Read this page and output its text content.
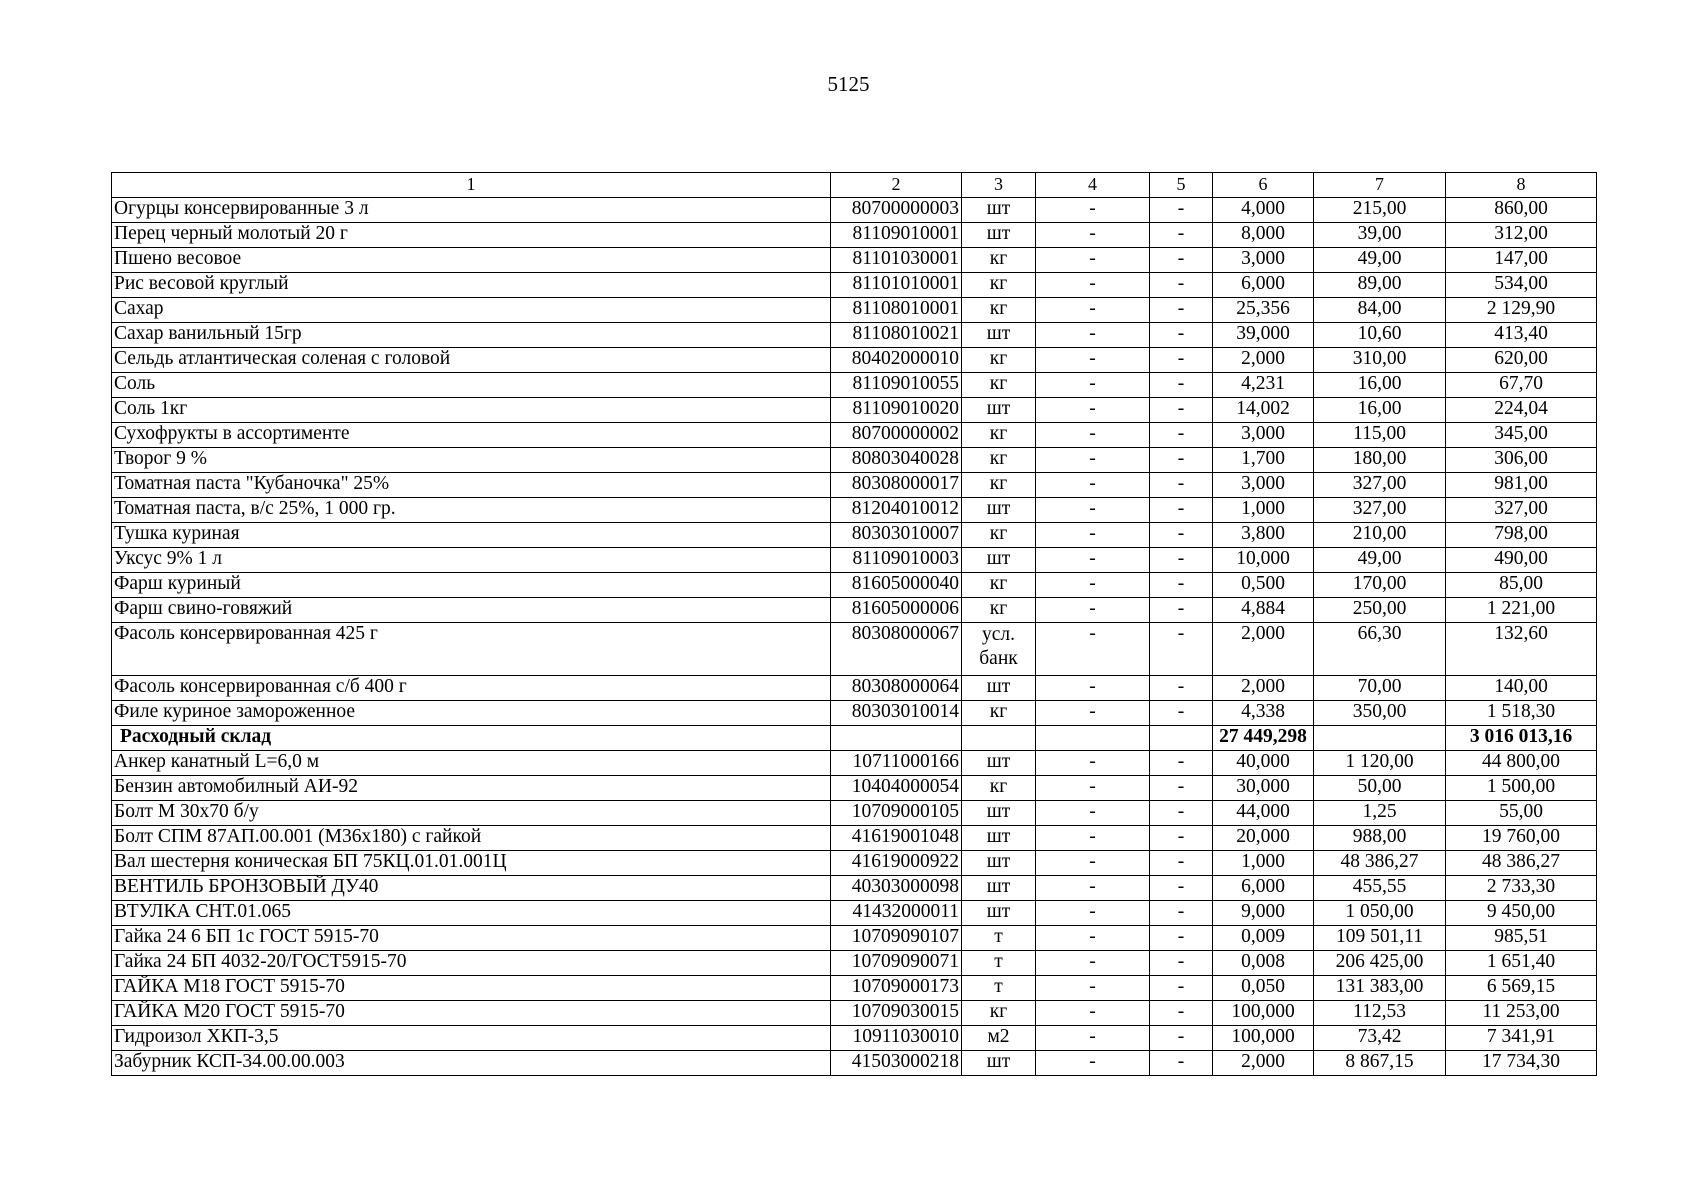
5125
1	2	3	4	5	6	7	8
Огурцы консервированные 3 л	80700000003	шт	-	-	4,000	215,00	860,00
Перец черный молотый 20 г	81109010001	шт	-	-	8,000	39,00	312,00
Пшено весовое	81101030001	кг	-	-	3,000	49,00	147,00
Рис весовой круглый	81101010001	кг	-	-	6,000	89,00	534,00
Сахар	81108010001	кг	-	-	25,356	84,00	2 129,90
Сахар ванильный 15гр	81108010021	шт	-	-	39,000	10,60	413,40
Сельдь атлантическая соленая с головой	80402000010	кг	-	-	2,000	310,00	620,00
Соль	81109010055	кг	-	-	4,231	16,00	67,70
Соль 1кг	81109010020	шт	-	-	14,002	16,00	224,04
Сухофрукты в ассортименте	80700000002	кг	-	-	3,000	115,00	345,00
Творог 9 %	80803040028	кг	-	-	1,700	180,00	306,00
Томатная паста "Кубаночка" 25%	80308000017	кг	-	-	3,000	327,00	981,00
Томатная паста, в/с 25%, 1 000 гр.	81204010012	шт	-	-	1,000	327,00	327,00
Тушка куриная	80303010007	кг	-	-	3,800	210,00	798,00
Уксус 9% 1 л	81109010003	шт	-	-	10,000	49,00	490,00
Фарш куриный	81605000040	кг	-	-	0,500	170,00	85,00
Фарш свино-говяжий	81605000006	кг	-	-	4,884	250,00	1 221,00
Фасоль консервированная 425 г	80308000067	усл. банк	-	-	2,000	66,30	132,60
Фасоль консервированная с/б 400 г	80308000064	шт	-	-	2,000	70,00	140,00
Филе куриное замороженное	80303010014	кг	-	-	4,338	350,00	1 518,30
Расходный склад					27 449,298		3 016 013,16
Анкер канатный L=6,0 м	10711000166	шт	-	-	40,000	1 120,00	44 800,00
Бензин автомобилный АИ-92	10404000054	кг	-	-	30,000	50,00	1 500,00
Болт М 30х70 б/у	10709000105	шт	-	-	44,000	1,25	55,00
Болт СПМ 87АП.00.001 (М36х180) с гайкой	41619001048	шт	-	-	20,000	988,00	19 760,00
Вал шестерня коническая БП 75КЦ.01.01.001Ц	41619000922	шт	-	-	1,000	48 386,27	48 386,27
ВЕНТИЛЬ БРОНЗОВЫЙ ДУ40	40303000098	шт	-	-	6,000	455,55	2 733,30
ВТУЛКА СНТ.01.065	41432000011	шт	-	-	9,000	1 050,00	9 450,00
Гайка 24 6 БП 1с ГОСТ 5915-70	10709090107	т	-	-	0,009	109 501,11	985,51
Гайка 24 БП 4032-20/ГОСТ5915-70	10709090071	т	-	-	0,008	206 425,00	1 651,40
ГАЙКА М18 ГОСТ 5915-70	10709000173	т	-	-	0,050	131 383,00	6 569,15
ГАЙКА М20 ГОСТ 5915-70	10709030015	кг	-	-	100,000	112,53	11 253,00
Гидроизол ХКП-3,5	10911030010	м2	-	-	100,000	73,42	7 341,91
Забурник КСП-34.00.00.003	41503000218	шт	-	-	2,000	8 867,15	17 734,30
